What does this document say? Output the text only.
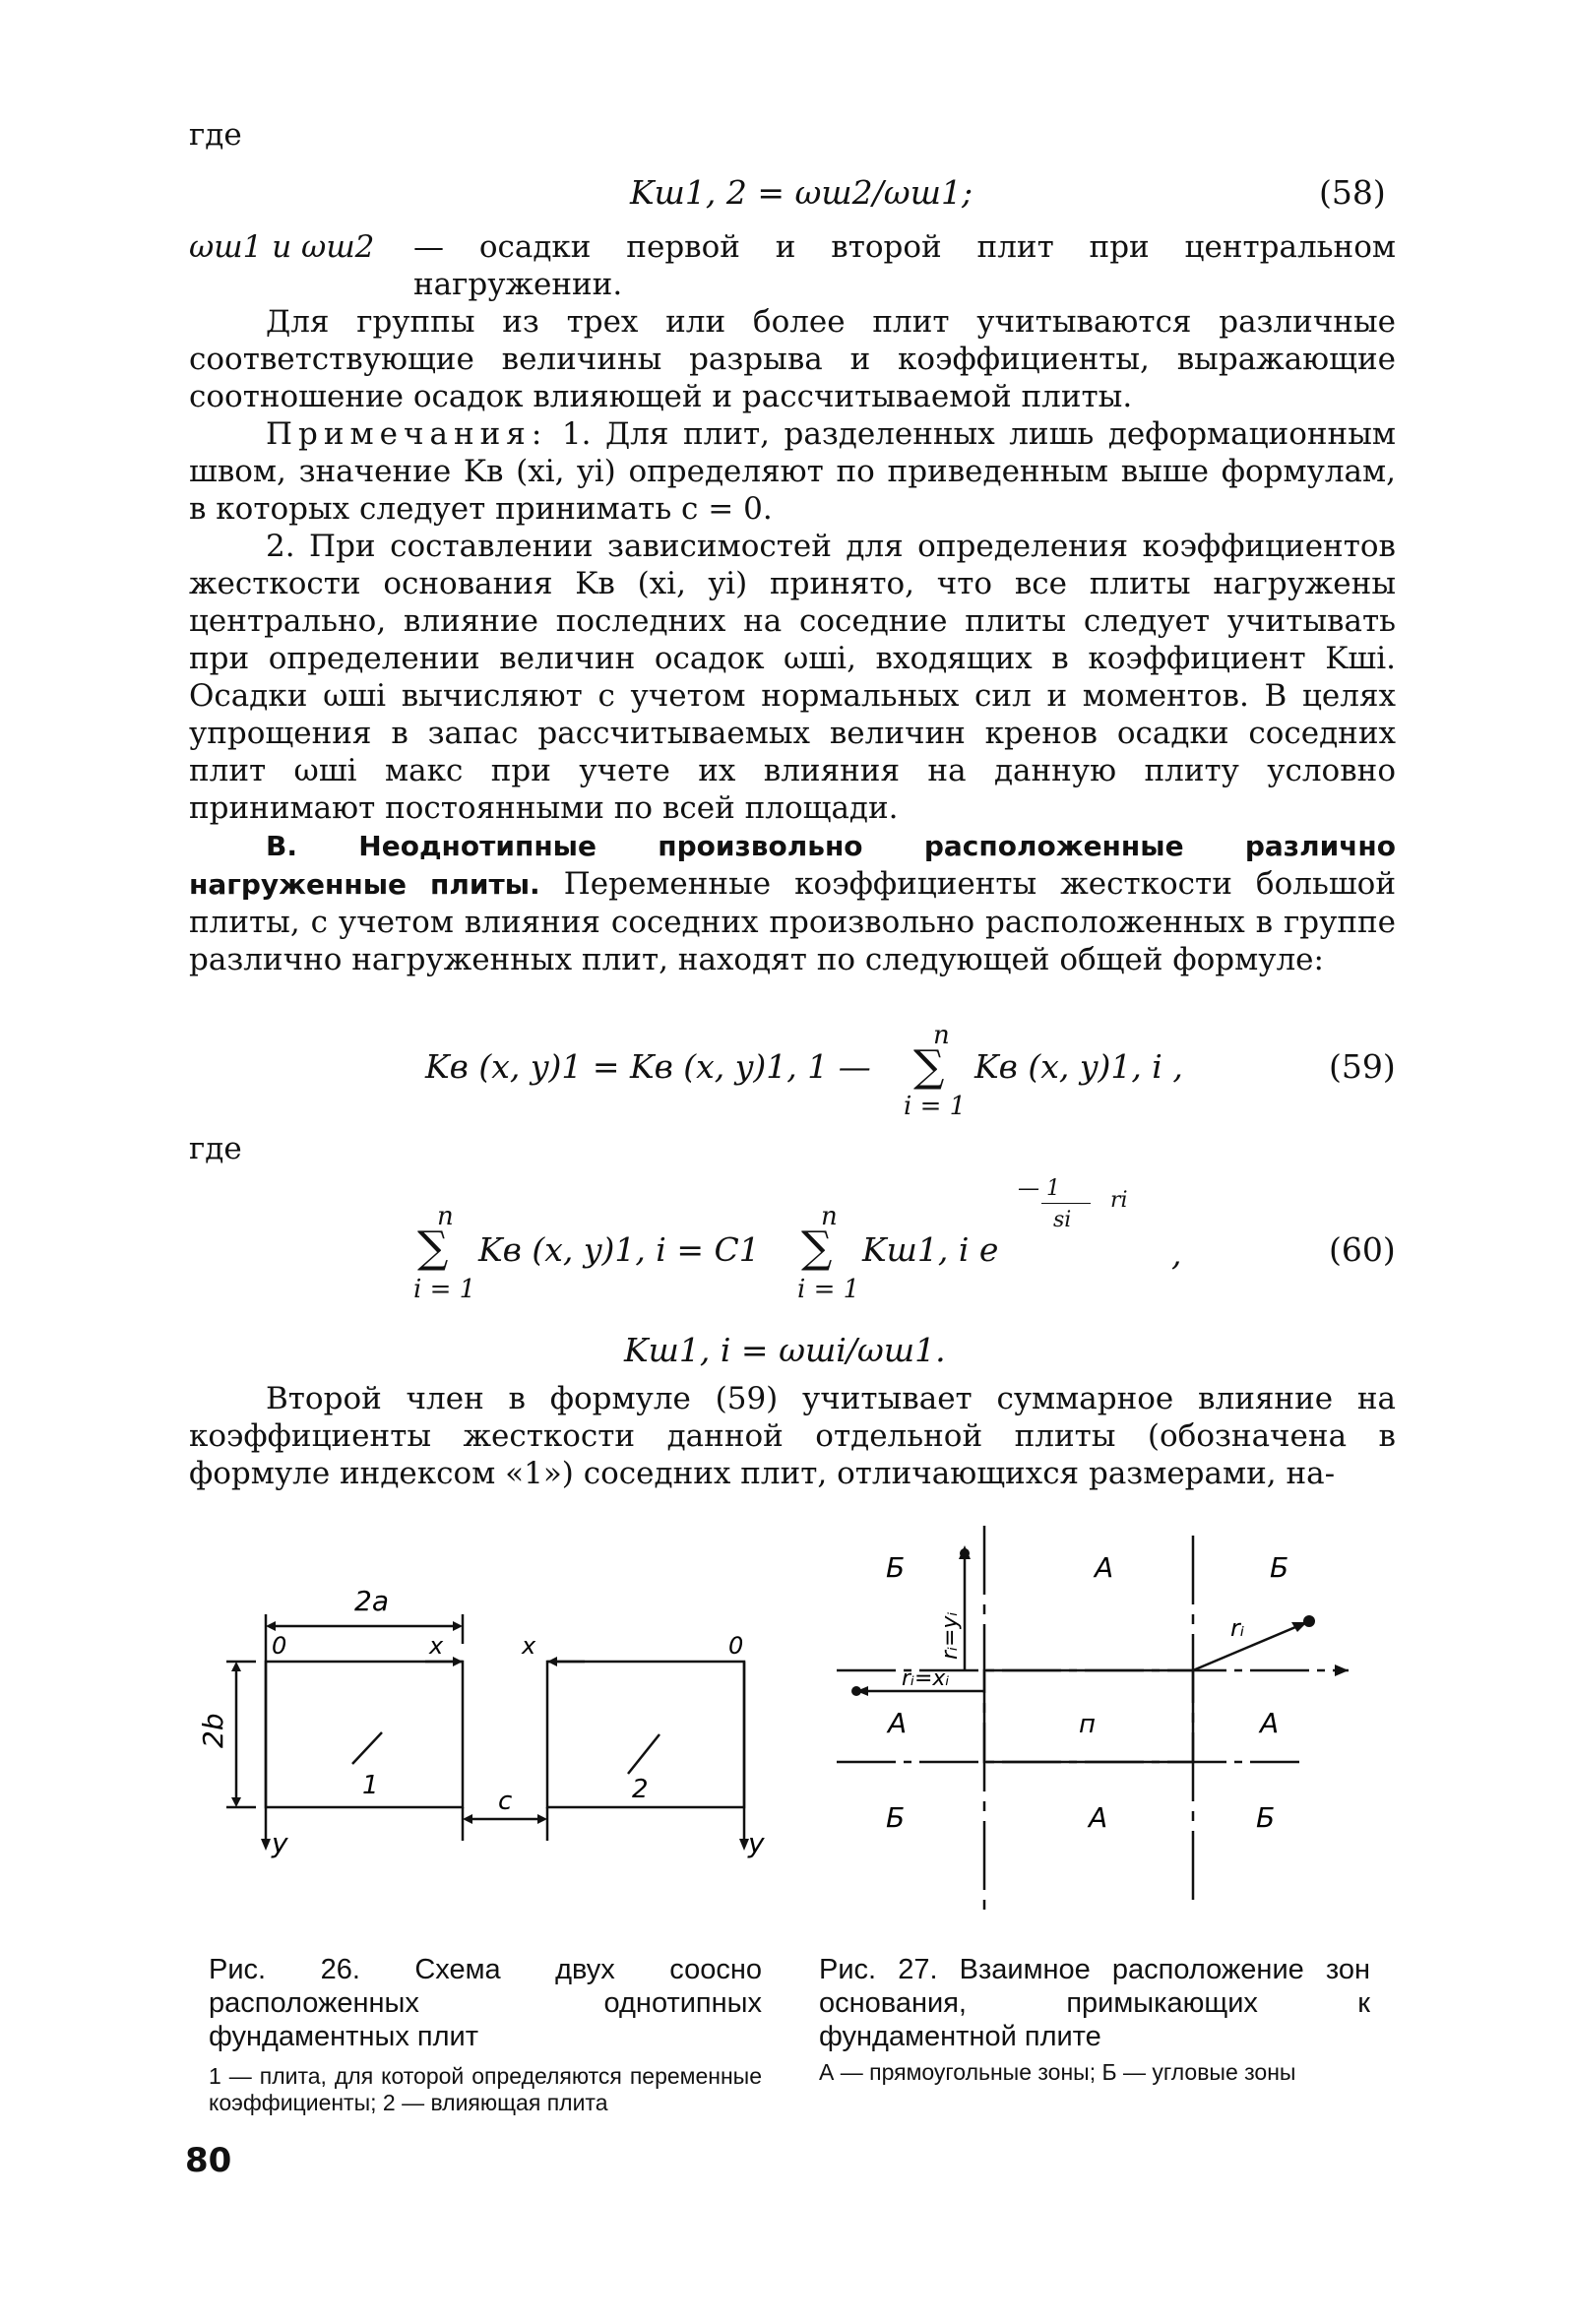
где
Kш1, 2 = ωш2/ωш1;	(58)
ωш1 и ωш2 — осадки первой и второй плит при центральном нагружении.

Для группы из трех или более плит учитываются различные соответствующие величины разрыва и коэффициенты, выражающие соотношение осадок влияющей и рассчитываемой плиты.

Примечания: 1. Для плит, разделенных лишь деформационным швом, значение Kв (xi, yi) определяют по приведенным выше формулам, в которых следует принимать c = 0.

2. При составлении зависимостей для определения коэффициентов жесткости основания Kв (xi, yi) принято, что все плиты нагружены центрально, влияние последних на соседние плиты следует учитывать при определении величин осадок ωшi, входящих в коэффициент Kшi. Осадки ωшi вычисляют с учетом нормальных сил и моментов. В целях упрощения в запас рассчитываемых величин кренов осадки соседних плит ωшi макс при учете их влияния на данную плиту условно принимают постоянными по всей площади.

В. Неоднотипные произвольно расположенные различно нагруженные плиты. Переменные коэффициенты жесткости большой плиты, с учетом влияния соседних произвольно расположенных в группе различно нагруженных плит, находят по следующей общей формуле:

Kв (x, y)1 = Kв (x, y)1, 1 —
n
∑
i = 1
Kв (x, y)1, i ,	(59)
где
n
∑
i = 1
Kв (x, y)1, i = C1
n
∑
i = 1
Kш1, i e
— 1
si
ri
,	(60)
Kш1, i = ωшi/ωш1.

Второй член в формуле (59) учитывает суммарное влияние на коэффициенты жесткости данной отдельной плиты (обозначена в формуле индексом «1») соседних плит, отличающихся размерами, на-

2a
2b
0	0
x	x
c
1	2
y	y
Б	А	Б
А	п	А
Б	А	Б
rᵢ=yᵢ
rᵢ=xᵢ
rᵢ

Рис. 26. Схема двух соосно расположенных однотипных фундаментных плит

1 — плита, для которой определяются переменные коэффициенты; 2 — влияющая плита

Рис. 27. Взаимное расположение зон основания, примыкающих к фундаментной плите

А — прямоугольные зоны; Б — угловые зоны

80
